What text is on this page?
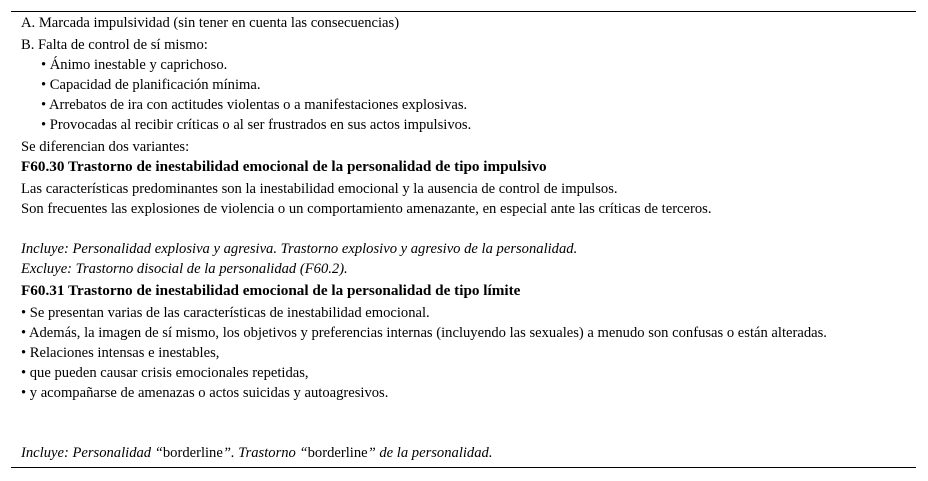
A. Marcada impulsividad (sin tener en cuenta las consecuencias)
B. Falta de control de sí mismo:
• Ánimo inestable y caprichoso.
• Capacidad de planificación mínima.
• Arrebatos de ira con actitudes violentas o a manifestaciones explosivas.
• Provocadas al recibir críticas o al ser frustrados en sus actos impulsivos.
Se diferencian dos variantes:
F60.30 Trastorno de inestabilidad emocional de la personalidad de tipo impulsivo
Las características predominantes son la inestabilidad emocional y la ausencia de control de impulsos.
Son frecuentes las explosiones de violencia o un comportamiento amenazante, en especial ante las críticas de terceros.
Incluye: Personalidad explosiva y agresiva. Trastorno explosivo y agresivo de la personalidad.
Excluye: Trastorno disocial de la personalidad (F60.2).
F60.31 Trastorno de inestabilidad emocional de la personalidad de tipo límite
• Se presentan varias de las características de inestabilidad emocional.
• Además, la imagen de sí mismo, los objetivos y preferencias internas (incluyendo las sexuales) a menudo son confusas o están alteradas.
• Relaciones intensas e inestables,
• que pueden causar crisis emocionales repetidas,
• y acompañarse de amenazas o actos suicidas y autoagresivos.
Incluye: Personalidad “borderline”. Trastorno “borderline” de la personalidad.
